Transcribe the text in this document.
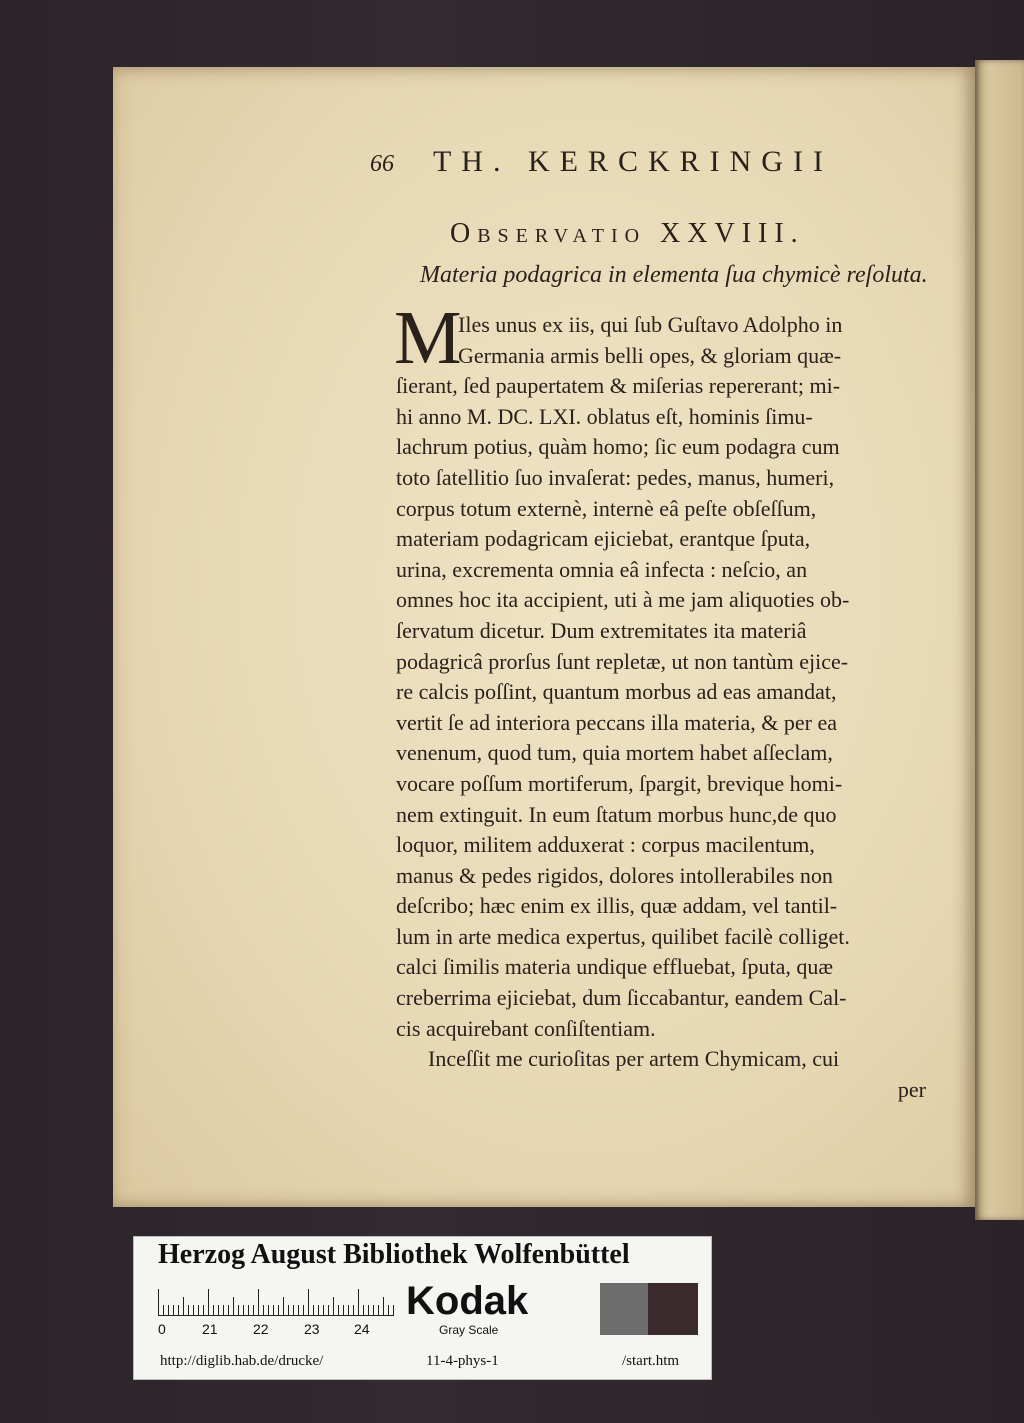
66 TH. KERCKRINGII
Observatio XXVIII.
Materia podagrica in elementa ſua chymicè reſoluta.
M
Iles unus ex iis, qui ſub Guſtavo Adolpho in
Germania armis belli opes, & gloriam quæ-
ſierant, ſed paupertatem & miſerias repererant; mi-
hi anno M. DC. LXI. oblatus eſt, hominis ſimu-
lachrum potius, quàm homo; ſic eum podagra cum
toto ſatellitio ſuo invaſerat: pedes, manus, humeri,
corpus totum externè, internè eâ peſte obſeſſum,
materiam podagricam ejiciebat, erantque ſputa,
urina, excrementa omnia eâ infecta : neſcio, an
omnes hoc ita accipient, uti à me jam aliquoties ob-
ſervatum dicetur. Dum extremitates ita materiâ
podagricâ prorſus ſunt repletæ, ut non tantùm ejice-
re calcis poſſint, quantum morbus ad eas amandat,
vertit ſe ad interiora peccans illa materia, & per ea
venenum, quod tum, quia mortem habet aſſeclam,
vocare poſſum mortiferum, ſpargit, brevique homi-
nem extinguit. In eum ſtatum morbus hunc,de quo
loquor, militem adduxerat : corpus macilentum,
manus & pedes rigidos, dolores intollerabiles non
deſcribo; hæc enim ex illis, quæ addam, vel tantil-
lum in arte medica expertus, quilibet facilè colliget.
calci ſimilis materia undique effluebat, ſputa, quæ
creberrima ejiciebat, dum ſiccabantur, eandem Cal-
cis acquirebant conſiſtentiam.
Inceſſit me curioſitas per artem Chymicam, cui
per
Herzog August Bibliothek Wolfenbüttel
0	21	22	23 24
Kodak
Gray Scale
http://diglib.hab.de/drucke/	11-4-phys-1	/start.htm
